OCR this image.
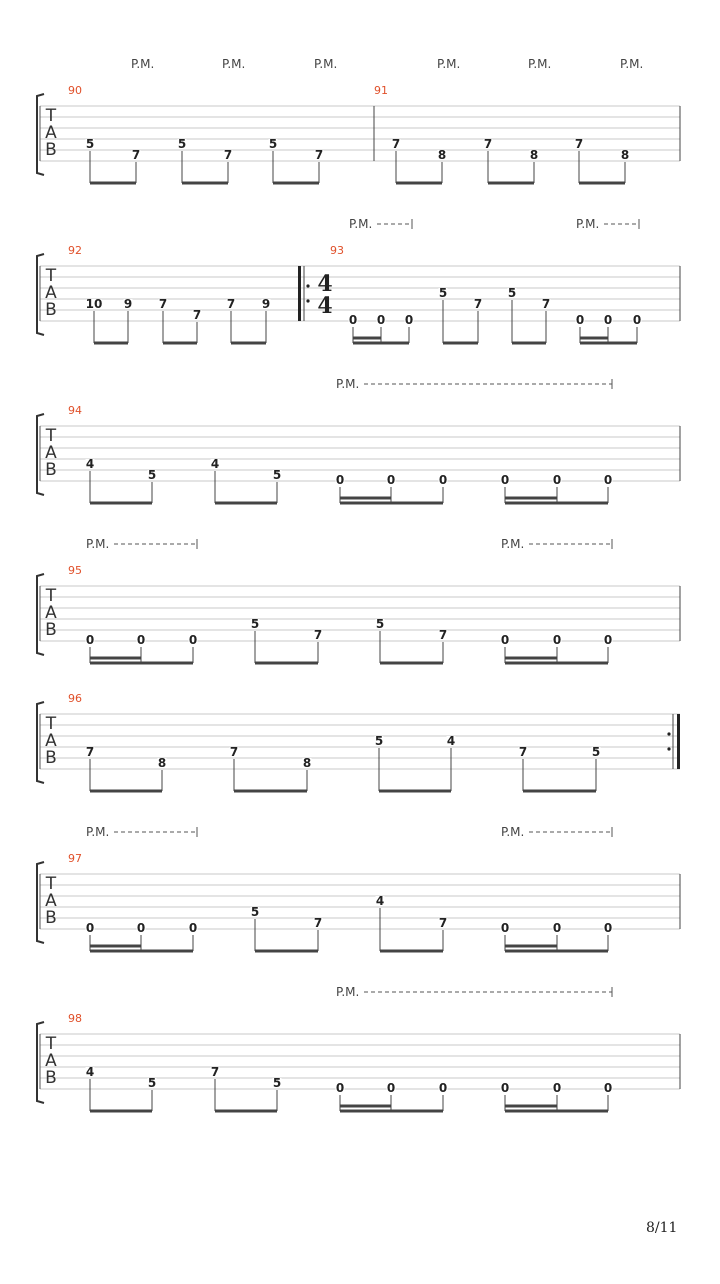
T
A
B
90	91
5
7
5
7
5
7
7
8
7
8
7
8
P.M.	P.M.	P.M.	P.M.	P.M.	P.M.
T
A
B
92	93
4
4
10 9 7
7
7 9
0 0 0
5
7
5
7
0 0 0
P.M.	P.M.
T
A
B
94
4
5
4
5	0	0	0	0	0	0
P.M.
T
A
B
95
0	0	0
5
7
5
7	0	0	0
P.M.	P.M.
T
A
B
96
7
8
7
8
5	4
7	5
T
A
B
97
0	0	0
5
7
4
7	0	0	0
P.M.	P.M.
T
A
B
98
4
5
7
5	0	0	0	0	0	0
P.M.
8/11
